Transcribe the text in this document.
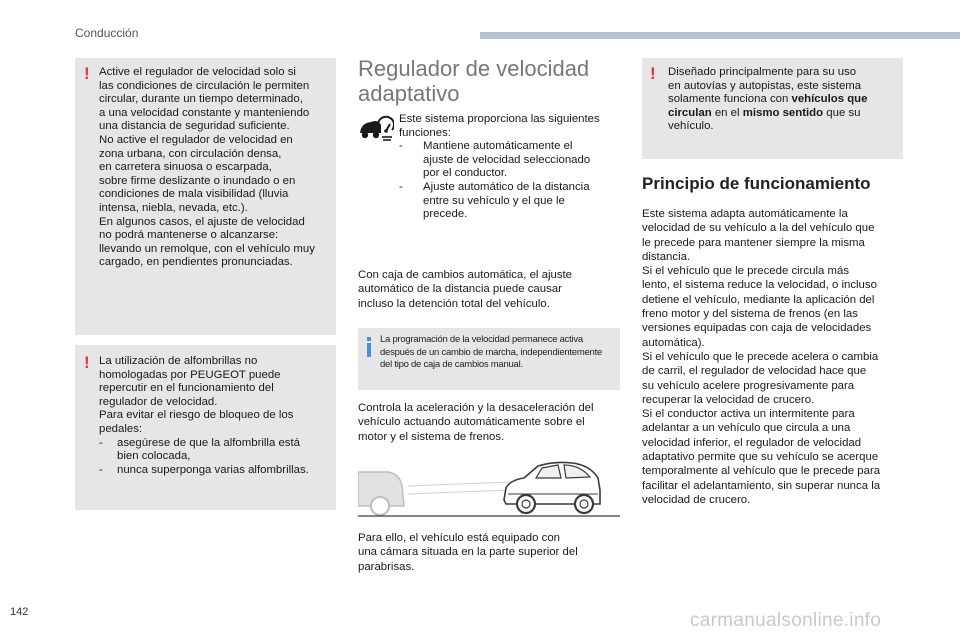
Conducción
! Active el regulador de velocidad solo si
las condiciones de circulación le permiten
circular, durante un tiempo determinado,
a una velocidad constante y manteniendo
una distancia de seguridad suficiente.
No active el regulador de velocidad en
zona urbana, con circulación densa,
en carretera sinuosa o escarpada,
sobre firme deslizante o inundado o en
condiciones de mala visibilidad (lluvia
intensa, niebla, nevada, etc.).
En algunos casos, el ajuste de velocidad
no podrá mantenerse o alcanzarse:
llevando un remolque, con el vehículo muy
cargado, en pendientes pronunciadas.
! La utilización de alfombrillas no
homologadas por PEUGEOT puede
repercutir en el funcionamiento del
regulador de velocidad.
Para evitar el riesgo de bloqueo de los
pedales:
-	asegúrese de que la alfombrilla está
bien colocada,
-	nunca superponga varias alfombrillas.
Regulador de velocidad
adaptativo
Este sistema proporciona las siguientes
funciones:
-	Mantiene automáticamente el
ajuste de velocidad seleccionado
por el conductor.
-	Ajuste automático de la distancia
entre su vehículo y el que le
precede.
Con caja de cambios automática, el ajuste
automático de la distancia puede causar
incluso la detención total del vehículo.
La programación de la velocidad permanece activa
después de un cambio de marcha, independientemente
del tipo de caja de cambios manual.
Controla la aceleración y la desaceleración del
vehículo actuando automáticamente sobre el
motor y el sistema de frenos.
Para ello, el vehículo está equipado con
una cámara situada en la parte superior del
parabrisas.
! Diseñado principalmente para su uso
en autovías y autopistas, este sistema
solamente funciona con vehículos que
circulan en el mismo sentido que su
vehículo.
Principio de funcionamiento
Este sistema adapta automáticamente la
velocidad de su vehículo a la del vehículo que
le precede para mantener siempre la misma
distancia.
Si el vehículo que le precede circula más
lento, el sistema reduce la velocidad, o incluso
detiene el vehículo, mediante la aplicación del
freno motor y del sistema de frenos (en las
versiones equipadas con caja de velocidades
automática).
Si el vehículo que le precede acelera o cambia
de carril, el regulador de velocidad hace que
su vehículo acelere progresivamente para
recuperar la velocidad de crucero.
Si el conductor activa un intermitente para
adelantar a un vehículo que circula a una
velocidad inferior, el regulador de velocidad
adaptativo permite que su vehículo se acerque
temporalmente al vehículo que le precede para
facilitar el adelantamiento, sin superar nunca la
velocidad de crucero.
142	carmanualsonline.info
